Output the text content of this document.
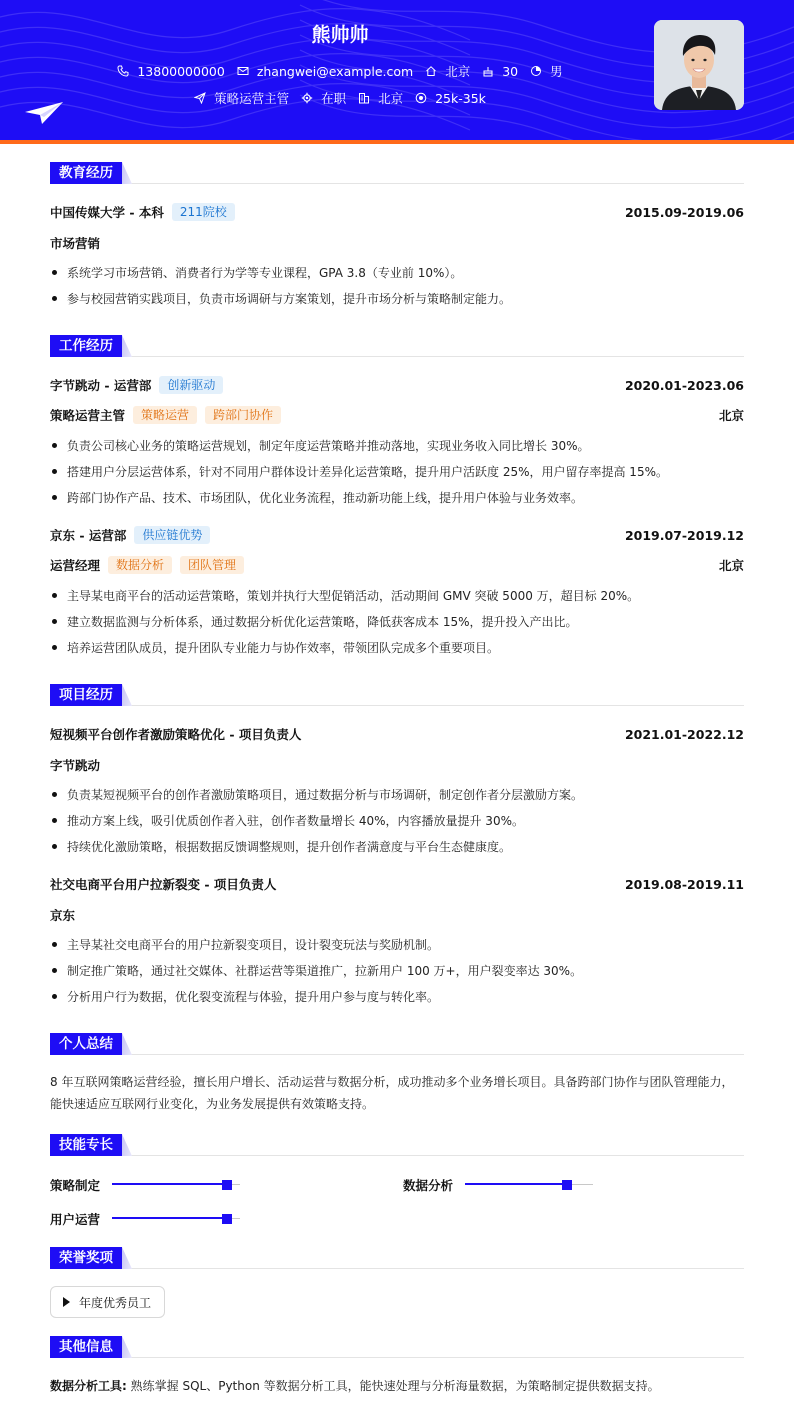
熊帅帅
13800000000	zhangwei@example.com	北京	30	男
策略运营主管	在职	北京	25k-35k
教育经历
中国传媒大学 - 本科	211院校	2015.09-2019.06
市场营销
系统学习市场营销、消费者行为学等专业课程，GPA 3.8（专业前 10%）。
参与校园营销实践项目，负责市场调研与方案策划，提升市场分析与策略制定能力。
工作经历
字节跳动 - 运营部	创新驱动	2020.01-2023.06
策略运营主管	策略运营	跨部门协作	北京
负责公司核心业务的策略运营规划，制定年度运营策略并推动落地，实现业务收入同比增长 30%。
搭建用户分层运营体系，针对不同用户群体设计差异化运营策略，提升用户活跃度 25%，用户留存率提高 15%。
跨部门协作产品、技术、市场团队，优化业务流程，推动新功能上线，提升用户体验与业务效率。
京东 - 运营部	供应链优势	2019.07-2019.12
运营经理	数据分析	团队管理	北京
主导某电商平台的活动运营策略，策划并执行大型促销活动，活动期间 GMV 突破 5000 万，超目标 20%。
建立数据监测与分析体系，通过数据分析优化运营策略，降低获客成本 15%，提升投入产出比。
培养运营团队成员，提升团队专业能力与协作效率，带领团队完成多个重要项目。
项目经历
短视频平台创作者激励策略优化 - 项目负责人	2021.01-2022.12
字节跳动
负责某短视频平台的创作者激励策略项目，通过数据分析与市场调研，制定创作者分层激励方案。
推动方案上线，吸引优质创作者入驻，创作者数量增长 40%，内容播放量提升 30%。
持续优化激励策略，根据数据反馈调整规则，提升创作者满意度与平台生态健康度。
社交电商平台用户拉新裂变 - 项目负责人	2019.08-2019.11
京东
主导某社交电商平台的用户拉新裂变项目，设计裂变玩法与奖励机制。
制定推广策略，通过社交媒体、社群运营等渠道推广，拉新用户 100 万+，用户裂变率达 30%。
分析用户行为数据，优化裂变流程与体验，提升用户参与度与转化率。
个人总结
8 年互联网策略运营经验，擅长用户增长、活动运营与数据分析，成功推动多个业务增长项目。具备跨部门协作与团队管理能力，能快速适应互联网行业变化，为业务发展提供有效策略支持。
技能专长
策略制定	数据分析
用户运营
荣誉奖项
年度优秀员工
其他信息
数据分析工具: 熟练掌握 SQL、Python 等数据分析工具，能快速处理与分析海量数据，为策略制定提供数据支持。
